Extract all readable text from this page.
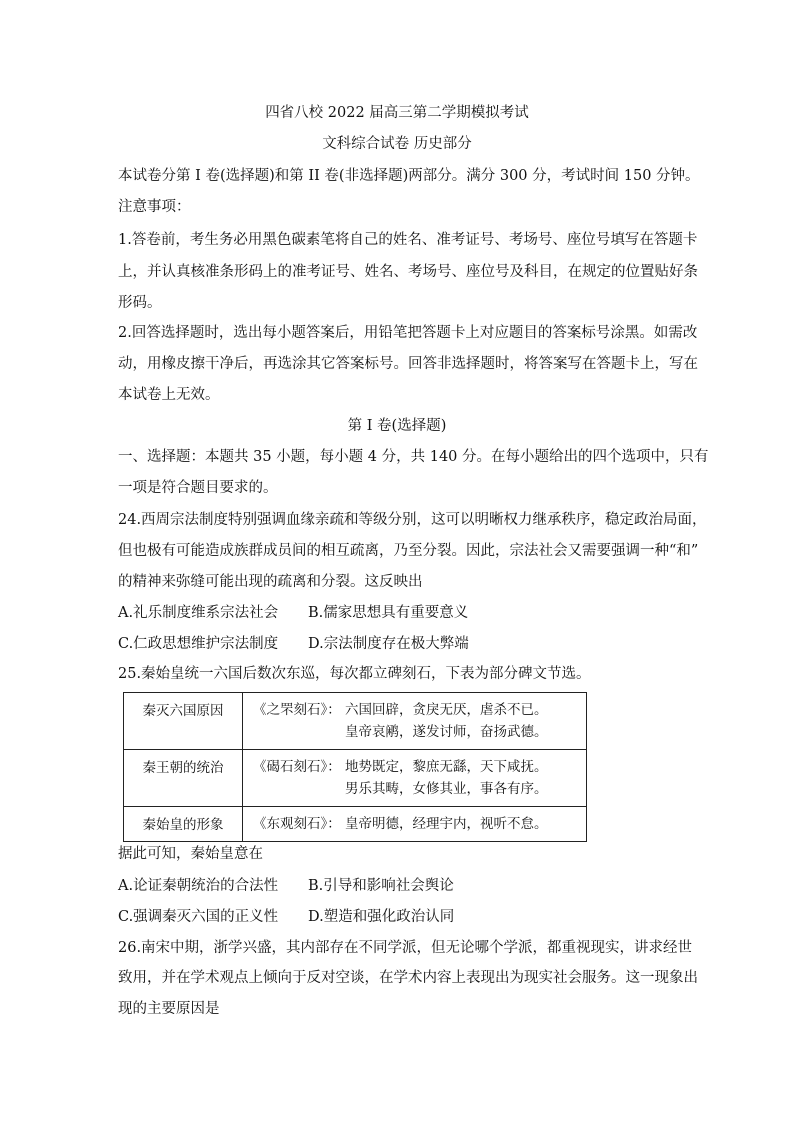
四省八校 2022 届高三第二学期模拟考试
文科综合试卷 历史部分
本试卷分第 I 卷(选择题)和第 II 卷(非选择题)两部分。满分 300 分，考试时间 150 分钟。
注意事项：
1.答卷前，考生务必用黑色碳素笔将自己的姓名、准考证号、考场号、座位号填写在答题卡
上，并认真核准条形码上的准考证号、姓名、考场号、座位号及科目，在规定的位置贴好条
形码。
2.回答选择题时，选出每小题答案后，用铅笔把答题卡上对应题目的答案标号涂黑。如需改
动，用橡皮擦干净后，再选涂其它答案标号。回答非选择题时，将答案写在答题卡上，写在
本试卷上无效。
第 I 卷(选择题)
一、选择题：本题共 35 小题，每小题 4 分，共 140 分。在每小题给出的四个选项中，只有
一项是符合题目要求的。
24.西周宗法制度特别强调血缘亲疏和等级分别，这可以明晰权力继承秩序，稳定政治局面，
但也极有可能造成族群成员间的相互疏离，乃至分裂。因此，宗法社会又需要强调一种“和”
的精神来弥缝可能出现的疏离和分裂。这反映出
A.礼乐制度维系宗法社会 B.儒家思想具有重要意义
C.仁政思想维护宗法制度 D.宗法制度存在极大弊端
25.秦始皇统一六国后数次东巡，每次都立碑刻石，下表为部分碑文节选。
秦灭六国原因	《之罘刻石》： 六国回辟，贪戾无厌，虐杀不已。
皇帝哀鹇，遂发讨师，奋扬武德。

秦王朝的统治	《碣石刻石》： 地势既定，黎庶无繇，天下咸抚。
男乐其畴，女修其业，事各有序。

秦始皇的形象	《东观刻石》： 皇帝明德，经理宇内，视听不怠。
据此可知，秦始皇意在
A.论证秦朝统治的合法性 B.引导和影响社会舆论
C.强调秦灭六国的正义性 D.塑造和强化政治认同
26.南宋中期，浙学兴盛，其内部存在不同学派，但无论哪个学派，都重视现实，讲求经世
致用，并在学术观点上倾向于反对空谈，在学术内容上表现出为现实社会服务。这一现象出
现的主要原因是
